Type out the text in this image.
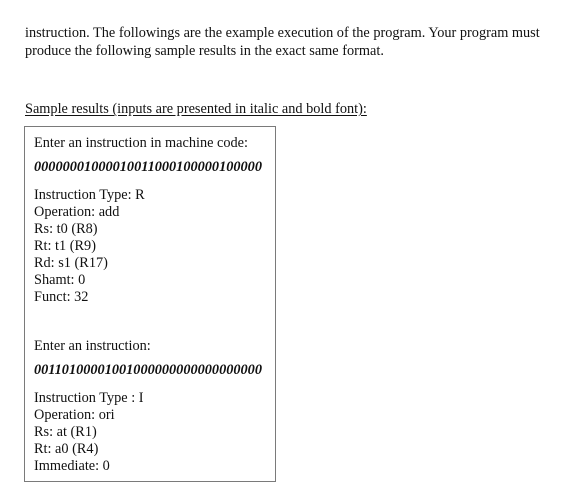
instruction. The followings are the example execution of the program. Your program must

produce the following sample results in the exact same format.

Sample results (inputs are presented in italic and bold font):

Enter an instruction in machine code:

00000001000010011000100000100000

Instruction Type: R

Operation: add

Rs: t0 (R8)

Rt: t1 (R9)

Rd: s1 (R17)

Shamt: 0

Funct: 32

Enter an instruction:

00110100001001000000000000000000

Instruction Type : I

Operation: ori

Rs: at (R1)

Rt: a0 (R4)

Immediate: 0
